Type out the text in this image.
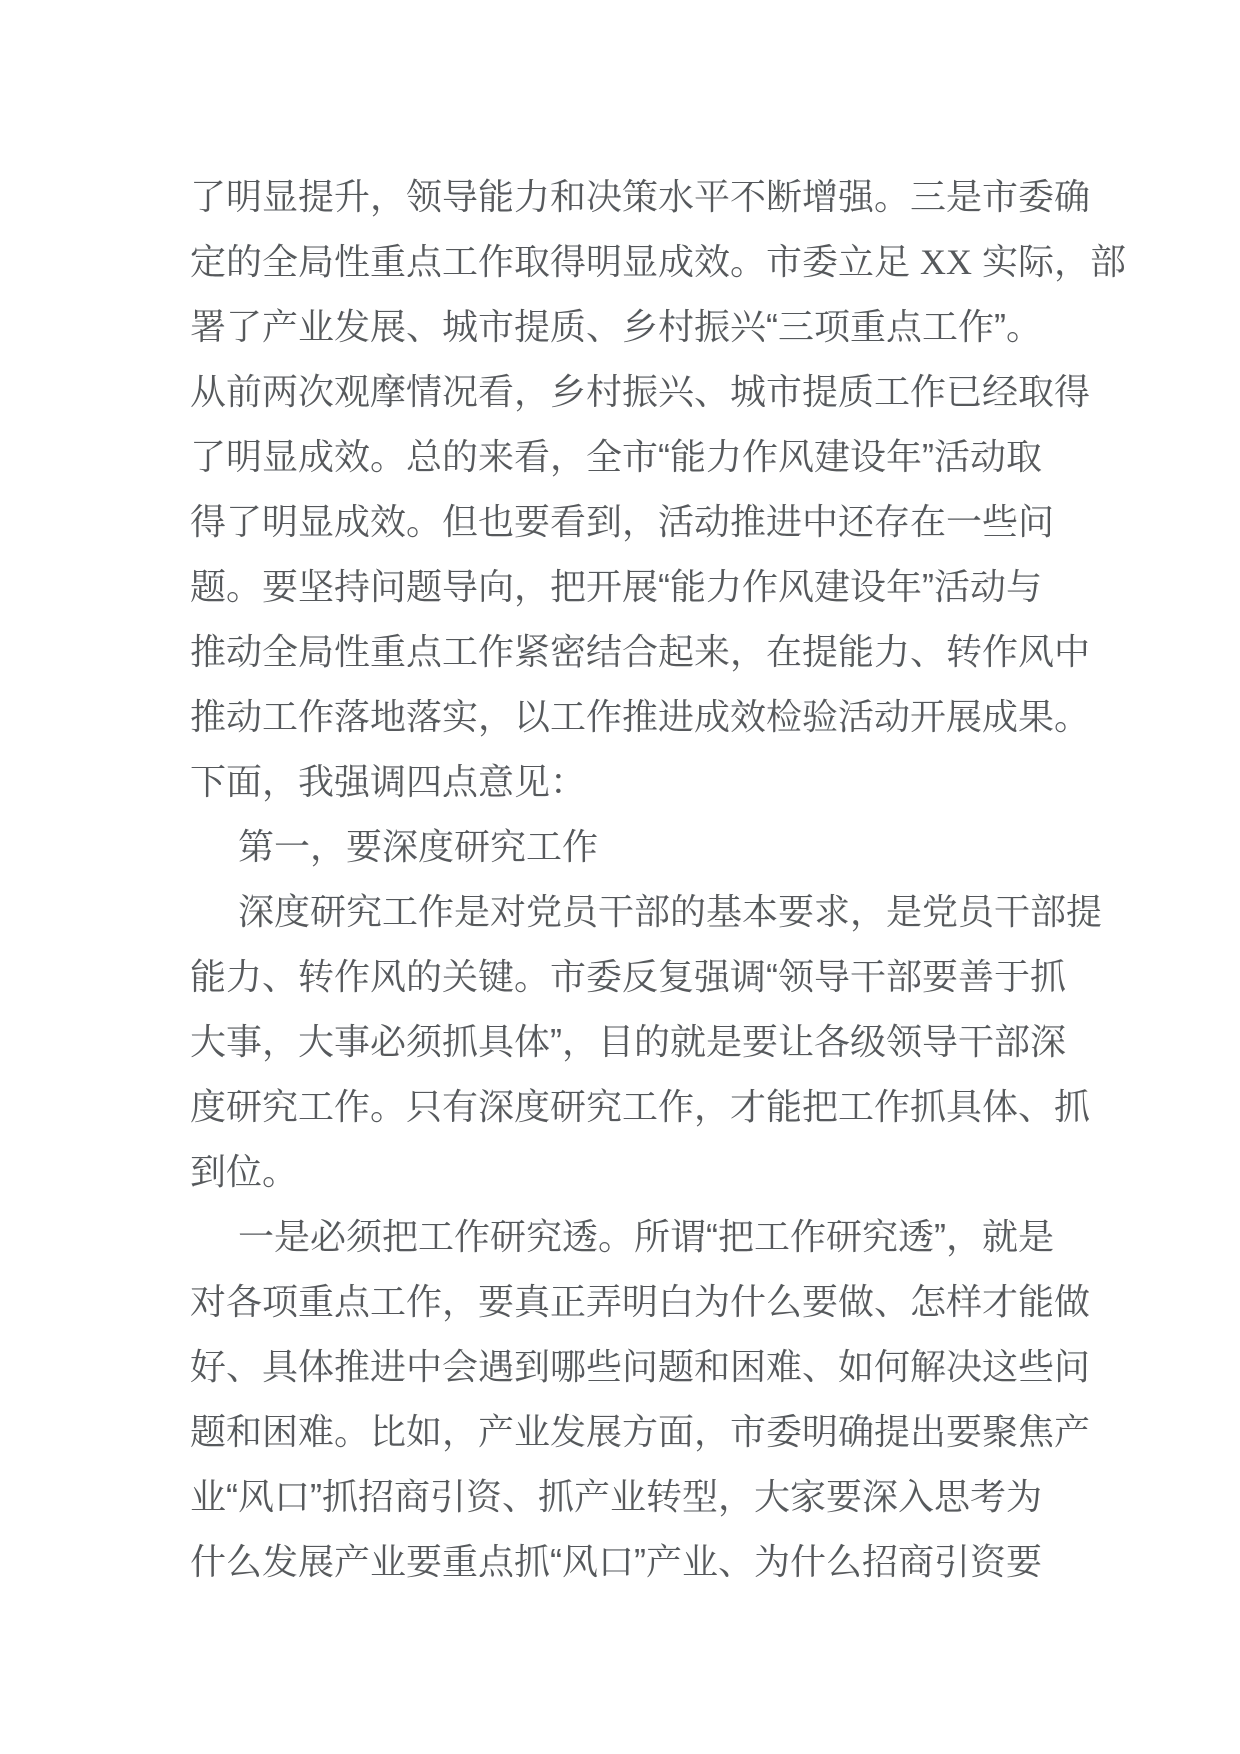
了明显提升，领导能力和决策水平不断增强。三是市委确
定的全局性重点工作取得明显成效。市委立足 XX 实际，部
署了产业发展、城市提质、乡村振兴“三项重点工作”。
从前两次观摩情况看，乡村振兴、城市提质工作已经取得
了明显成效。总的来看，全市“能力作风建设年”活动取
得了明显成效。但也要看到，活动推进中还存在一些问
题。要坚持问题导向，把开展“能力作风建设年”活动与
推动全局性重点工作紧密结合起来，在提能力、转作风中
推动工作落地落实，以工作推进成效检验活动开展成果。
下面，我强调四点意见：
第一，要深度研究工作
深度研究工作是对党员干部的基本要求，是党员干部提
能力、转作风的关键。市委反复强调“领导干部要善于抓
大事，大事必须抓具体”，目的就是要让各级领导干部深
度研究工作。只有深度研究工作，才能把工作抓具体、抓
到位。
一是必须把工作研究透。所谓“把工作研究透”，就是
对各项重点工作，要真正弄明白为什么要做、怎样才能做
好、具体推进中会遇到哪些问题和困难、如何解决这些问
题和困难。比如，产业发展方面，市委明确提出要聚焦产
业“风口”抓招商引资、抓产业转型，大家要深入思考为
什么发展产业要重点抓“风口”产业、为什么招商引资要
